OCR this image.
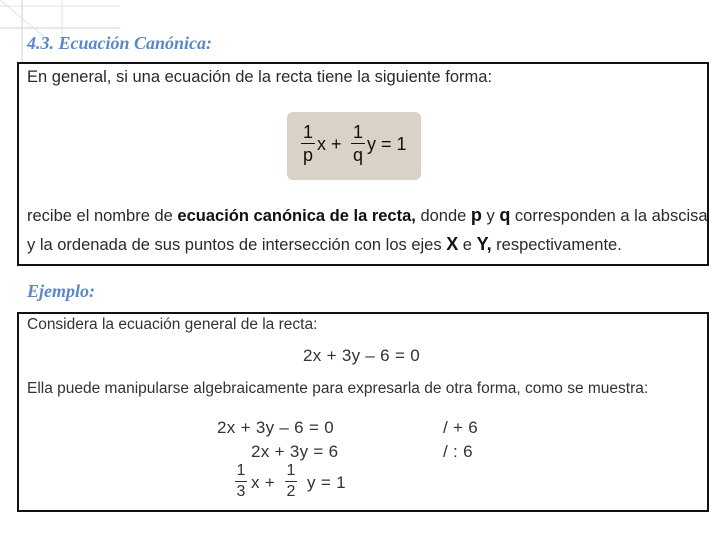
4.3. Ecuación Canónica:
En general, si una ecuación de la recta tiene la siguiente forma:
1
p
x +
1
q
y = 1
recibe el nombre de ecuación canónica de la recta, donde p y q corresponden a la abscisa
y la ordenada de sus puntos de intersección con los ejes X e Y, respectivamente.
Ejemplo:
Considera la ecuación general de la recta:
2x + 3y – 6 = 0
Ella puede manipularse algebraicamente para expresarla de otra forma, como se muestra:
2x + 3y – 6 = 0	/ + 6
2x + 3y = 6	/ : 6
1
3 x +
1
2 y = 1
